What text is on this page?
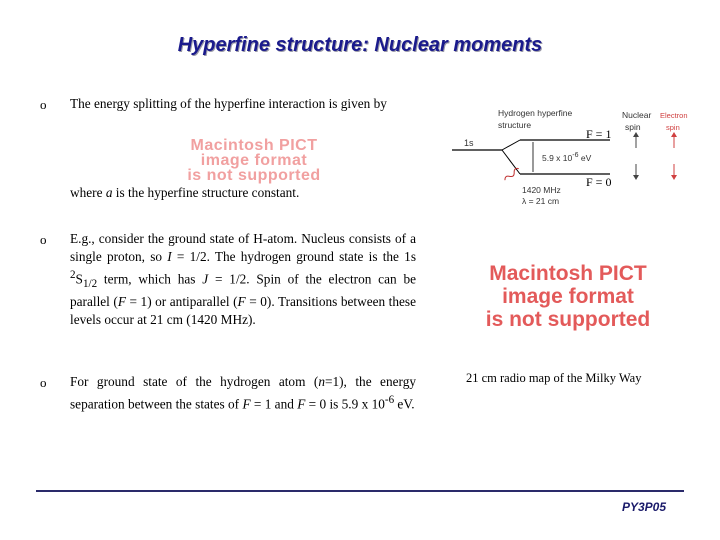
Hyperfine structure: Nuclear moments
o The energy splitting of the hyperfine interaction is given by
Macintosh PICT
image format
is not supported
where a is the hyperfine structure constant.
o E.g., consider the ground state of H-atom. Nucleus consists of a single proton, so I = 1/2. The hydrogen ground state is the 1s $^2S_{1/2}$ term, which has J = 1/2. Spin of the electron can be parallel (F = 1) or antiparallel (F = 0). Transitions between these levels occur at 21 cm (1420 MHz).
o For ground state of the hydrogen atom (n=1), the energy separation between the states of F = 1 and F = 0 is 5.9 x $10^{-6}$ eV.
Hydrogen hyperfine
structure
Nuclear
spin
Electron
spin
F = 1
F = 0
1s
5.9 x $10^{-6}$ eV
1420 MHz
λ = 21 cm
Macintosh PICT
image format
is not supported
21 cm radio map of the Milky Way
PY3P05
